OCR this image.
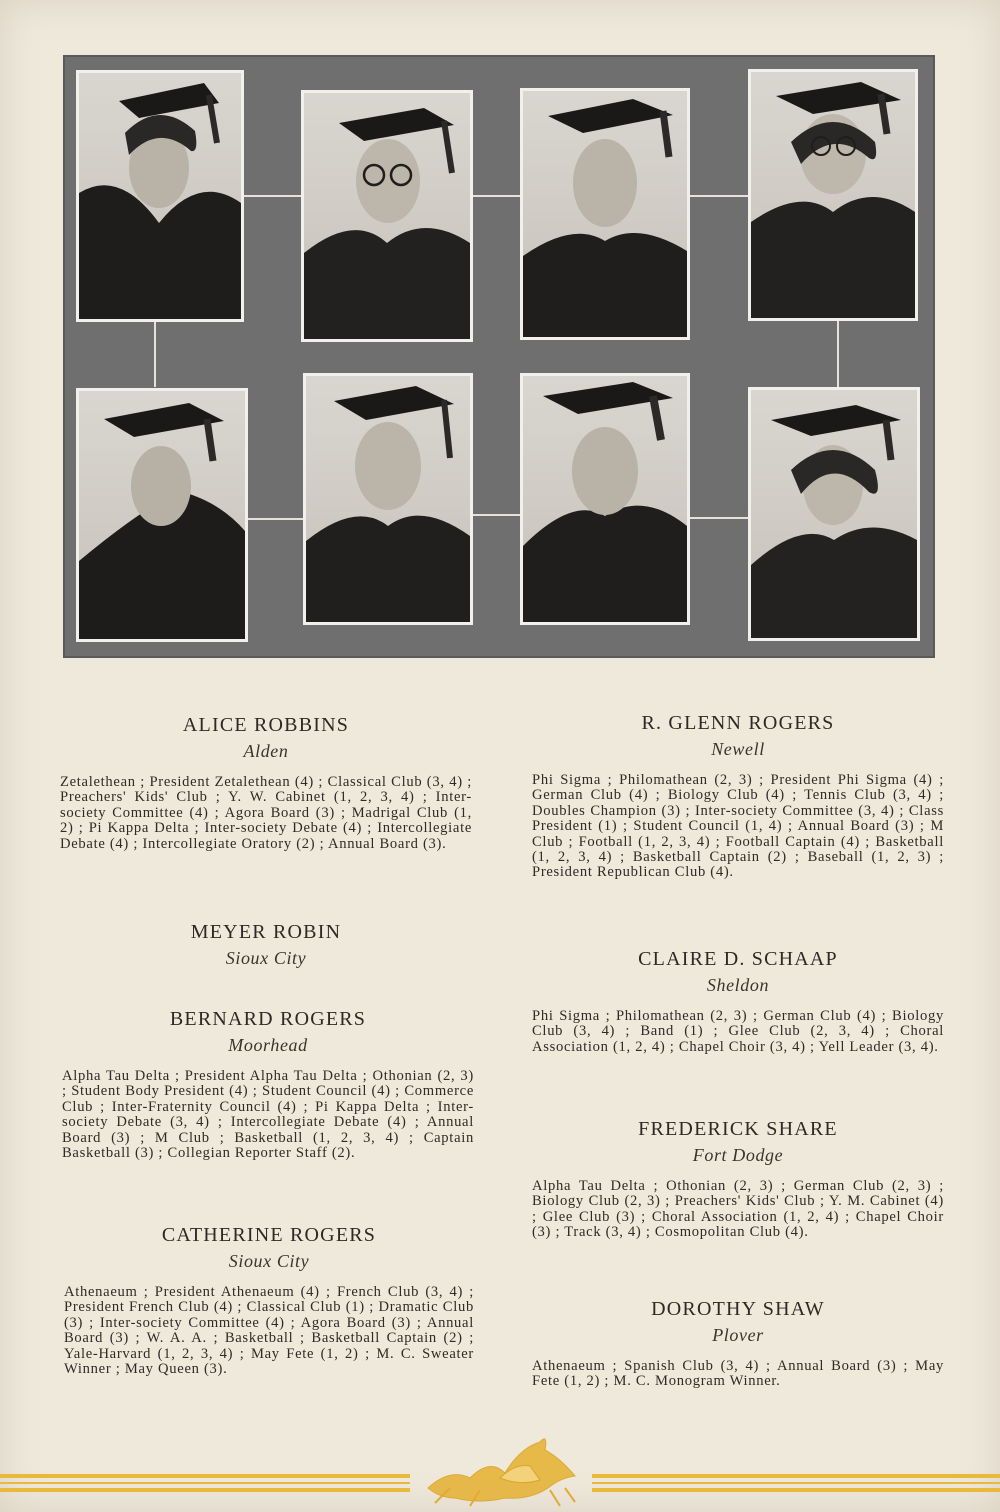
ALICE ROBBINS
Alden
Zetalethean ; President Zetalethean (4) ; Classical Club (3, 4) ; Preachers' Kids' Club ; Y. W. Cabinet (1, 2, 3, 4) ; Inter-society Committee (4) ; Agora Board (3) ; Madrigal Club (1, 2) ; Pi Kappa Delta ; Inter-society Debate (4) ; Intercollegiate Debate (4) ; Intercollegiate Oratory (2) ; Annual Board (3).
MEYER ROBIN
Sioux City
BERNARD ROGERS
Moorhead
Alpha Tau Delta ; President Alpha Tau Delta ; Othonian (2, 3) ; Student Body President (4) ; Student Council (4) ; Commerce Club ; Inter-Fraternity Council (4) ; Pi Kappa Delta ; Inter-society Debate (3, 4) ; Intercollegiate Debate (4) ; Annual Board (3) ; M Club ; Basketball (1, 2, 3, 4) ; Captain Basketball (3) ; Collegian Reporter Staff (2).
CATHERINE ROGERS
Sioux City
Athenaeum ; President Athenaeum (4) ; French Club (3, 4) ; President French Club (4) ; Classical Club (1) ; Dramatic Club (3) ; Inter-society Committee (4) ; Agora Board (3) ; Annual Board (3) ; W. A. A. ; Basketball ; Basketball Captain (2) ; Yale-Harvard (1, 2, 3, 4) ; May Fete (1, 2) ; M. C. Sweater Winner ; May Queen (3).
R. GLENN ROGERS
Newell
Phi Sigma ; Philomathean (2, 3) ; President Phi Sigma (4) ; German Club (4) ; Biology Club (4) ; Tennis Club (3, 4) ; Doubles Champion (3) ; Inter-society Committee (3, 4) ; Class President (1) ; Student Council (1, 4) ; Annual Board (3) ; M Club ; Football (1, 2, 3, 4) ; Football Captain (4) ; Basketball (1, 2, 3, 4) ; Basketball Captain (2) ; Baseball (1, 2, 3) ; President Republican Club (4).
CLAIRE D. SCHAAP
Sheldon
Phi Sigma ; Philomathean (2, 3) ; German Club (4) ; Biology Club (3, 4) ; Band (1) ; Glee Club (2, 3, 4) ; Choral Association (1, 2, 4) ; Chapel Choir (3, 4) ; Yell Leader (3, 4).
FREDERICK SHARE
Fort Dodge
Alpha Tau Delta ; Othonian (2, 3) ; German Club (2, 3) ; Biology Club (2, 3) ; Preachers' Kids' Club ; Y. M. Cabinet (4) ; Glee Club (3) ; Choral Association (1, 2, 4) ; Chapel Choir (3) ; Track (3, 4) ; Cosmopolitan Club (4).
DOROTHY SHAW
Plover
Athenaeum ; Spanish Club (3, 4) ; Annual Board (3) ; May Fete (1, 2) ; M. C. Monogram Winner.
